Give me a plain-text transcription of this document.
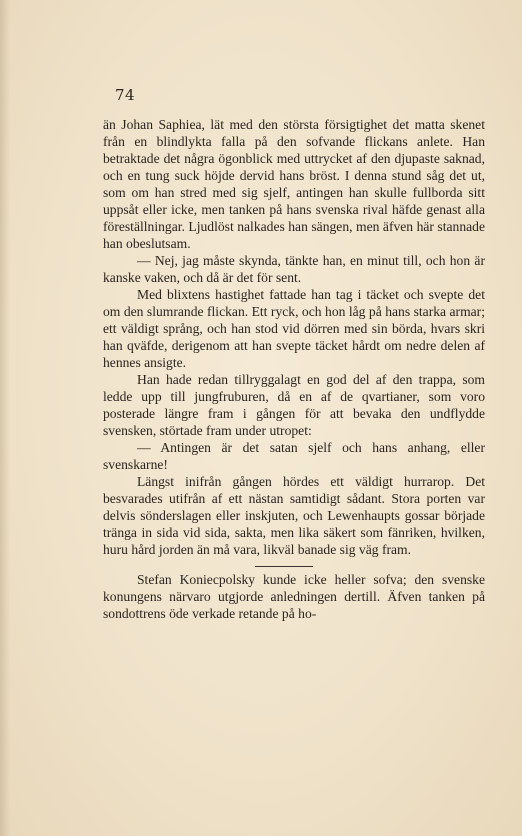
74

än Johan Saphiea, lät med den största försigtighet det matta skenet från en blindlykta falla på den sofvande flickans anlete. Han betraktade det några ögonblick med uttrycket af den djupaste saknad, och en tung suck höjde dervid hans bröst. I denna stund såg det ut, som om han stred med sig sjelf, antingen han skulle fullborda sitt uppsåt eller icke, men tanken på hans svenska rival häfde genast alla föreställningar. Ljudlöst nalkades han sängen, men äfven här stannade han obeslutsam.

— Nej, jag måste skynda, tänkte han, en minut till, och hon är kanske vaken, och då är det för sent.

Med blixtens hastighet fattade han tag i täcket och svepte det om den slumrande flickan. Ett ryck, och hon låg på hans starka armar; ett väldigt språng, och han stod vid dörren med sin börda, hvars skri han qväfde, derigenom att han svepte täcket hårdt om nedre delen af hennes ansigte.

Han hade redan tillryggalagt en god del af den trappa, som ledde upp till jungfruburen, då en af de qvartianer, som voro posterade längre fram i gången för att bevaka den undflydde svensken, störtade fram under utropet:

— Antingen är det satan sjelf och hans anhang, eller svenskarne!

Längst inifrån gången hördes ett väldigt hurrarop. Det besvarades utifrån af ett nästan samtidigt sådant. Stora porten var delvis sönderslagen eller inskjuten, och Lewenhaupts gossar började tränga in sida vid sida, sakta, men lika säkert som fänriken, hvilken, huru hård jorden än må vara, likväl banade sig väg fram.

Stefan Koniecpolsky kunde icke heller sofva; den svenske konungens närvaro utgjorde anledningen dertill. Äfven tanken på sondottrens öde verkade retande på ho-
